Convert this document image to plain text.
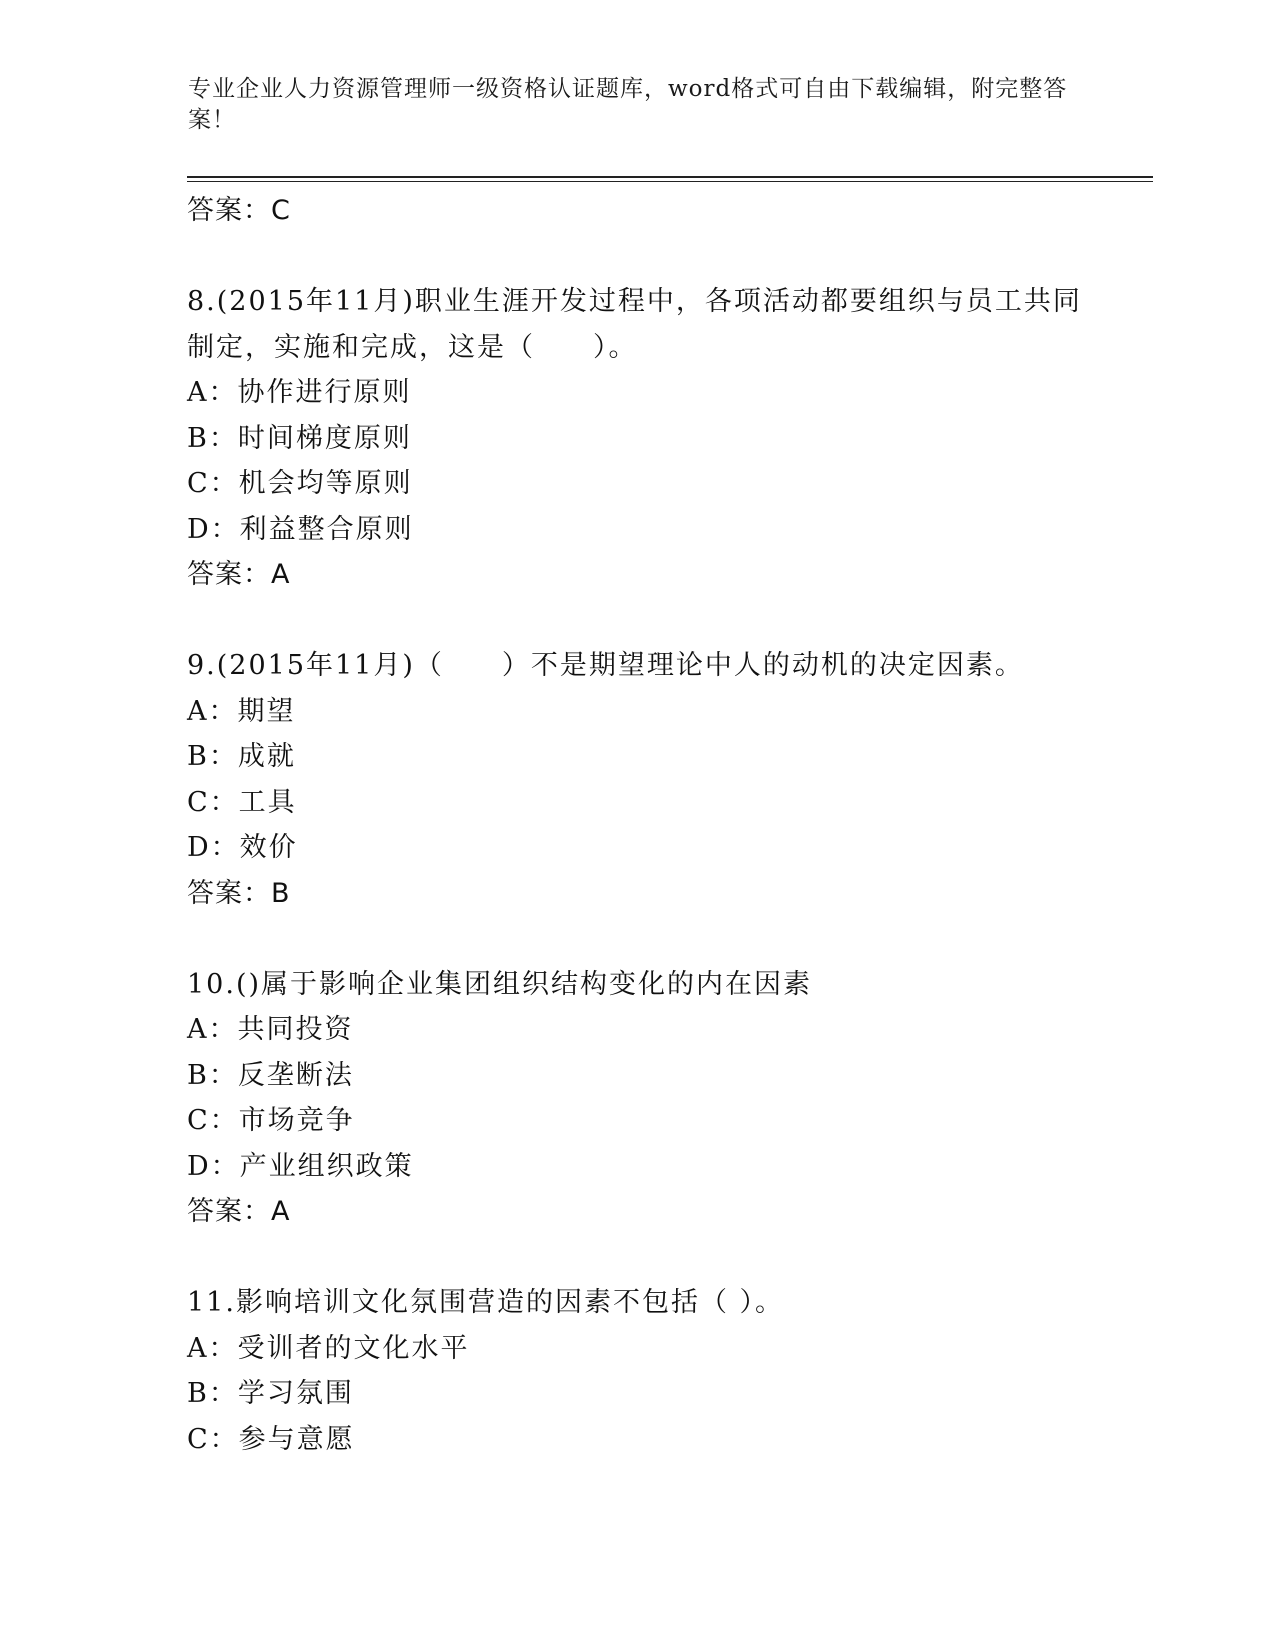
专业企业人力资源管理师一级资格认证题库，word格式可自由下载编辑，附完整答案！
答案：C
8.(2015年11月)职业生涯开发过程中，各项活动都要组织与员工共同
制定，实施和完成，这是（　　）。
A：协作进行原则
B：时间梯度原则
C：机会均等原则
D：利益整合原则
答案：A
9.(2015年11月)（　　）不是期望理论中人的动机的决定因素。
A：期望
B：成就
C：工具
D：效价
答案：B
10.()属于影响企业集团组织结构变化的内在因素
A：共同投资
B：反垄断法
C：市场竞争
D：产业组织政策
答案：A
11.影响培训文化氛围营造的因素不包括（ ）。
A：受训者的文化水平
B：学习氛围
C：参与意愿
